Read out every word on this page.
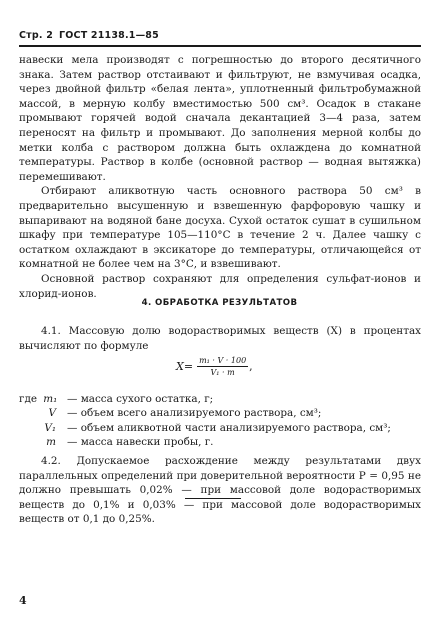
Стр. 2 ГОСТ 21138.1—85

навески мела производят с погрешностью до второго десятичного знака. Затем раствор отстаивают и фильтруют, не взмучивая осадка, через двойной фильтр «белая лента», уплотненный фильтробумажной массой, в мерную колбу вместимостью 500 см³. Осадок в стакане промывают горячей водой сначала декантацией 3—4 раза, затем переносят на фильтр и промывают. До заполнения мерной колбы до метки колба с раствором должна быть охлаждена до комнатной температуры. Раствор в колбе (основной раствор — водная вытяжка) перемешивают.

Отбирают аликвотную часть основного раствора 50 см³ в предварительно высушенную и взвешенную фарфоровую чашку и выпаривают на водяной бане досуха. Сухой остаток сушат в сушильном шкафу при температуре 105—110°С в течение 2 ч. Далее чашку с остатком охлаждают в эксикаторе до температуры, отличающейся от комнатной не более чем на 3°С, и взвешивают.

Основной раствор сохраняют для определения сульфат-ионов и хлорид-ионов.

4. ОБРАБОТКА РЕЗУЛЬТАТОВ

4.1. Массовую долю водорастворимых веществ (X) в процентах вычисляют по формуле

$X= \frac{\text{m₁ · V · 100}}{\text{V₁ · m}}$ ,
где m₁ — масса сухого остатка, г;
V — объем всего анализируемого раствора, см³;
V₁ — объем аликвотной части анализируемого раствора, см³;
m — масса навески пробы, г.

4.2. Допускаемое расхождение между результатами двух параллельных определений при доверительной вероятности P = 0,95 не должно превышать 0,02% — при массовой доле водорастворимых веществ до 0,1% и 0,03% — при массовой доле водорастворимых веществ от 0,1 до 0,25%.

4
